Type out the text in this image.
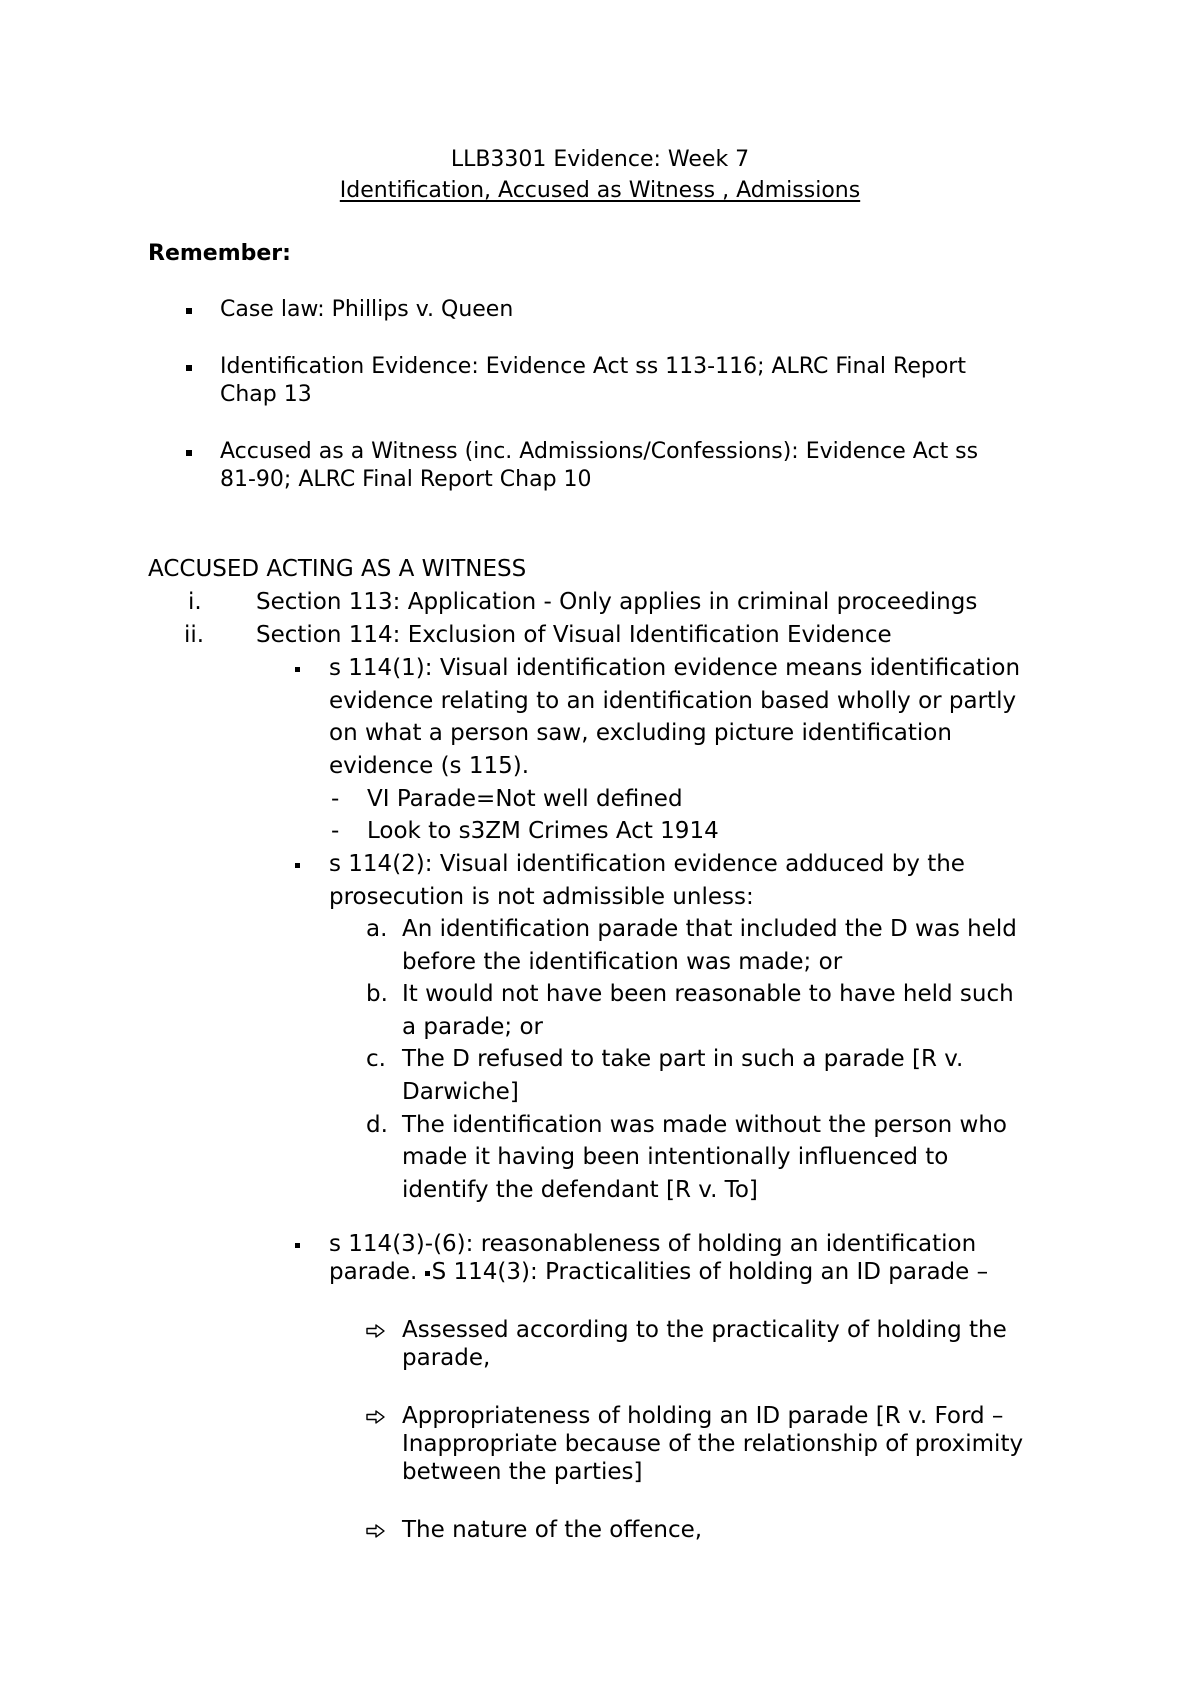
LLB3301 Evidence: Week 7
Identification, Accused as Witness , Admissions
Remember:
Case law: Phillips v. Queen
Identification Evidence: Evidence Act ss 113-116; ALRC Final Report
Chap 13
Accused as a Witness (inc. Admissions/Confessions): Evidence Act ss
81-90; ALRC Final Report Chap 10
ACCUSED ACTING AS A WITNESS
i. Section 113: Application - Only applies in criminal proceedings
ii. Section 114: Exclusion of Visual Identification Evidence
s 114(1): Visual identification evidence means identification
evidence relating to an identification based wholly or partly
on what a person saw, excluding picture identification
evidence (s 115).
- VI Parade=Not well defined
- Look to s3ZM Crimes Act 1914
s 114(2): Visual identification evidence adduced by the
prosecution is not admissible unless:
a. An identification parade that included the D was held
before the identification was made; or
b. It would not have been reasonable to have held such
a parade; or
c. The D refused to take part in such a parade [R v.
Darwiche]
d. The identification was made without the person who
made it having been intentionally influenced to
identify the defendant [R v. To]
s 114(3)-(6): reasonableness of holding an identification
parade. S 114(3): Practicalities of holding an ID parade –
Assessed according to the practicality of holding the
parade,
Appropriateness of holding an ID parade [R v. Ford –
Inappropriate because of the relationship of proximity
between the parties]
The nature of the offence,
